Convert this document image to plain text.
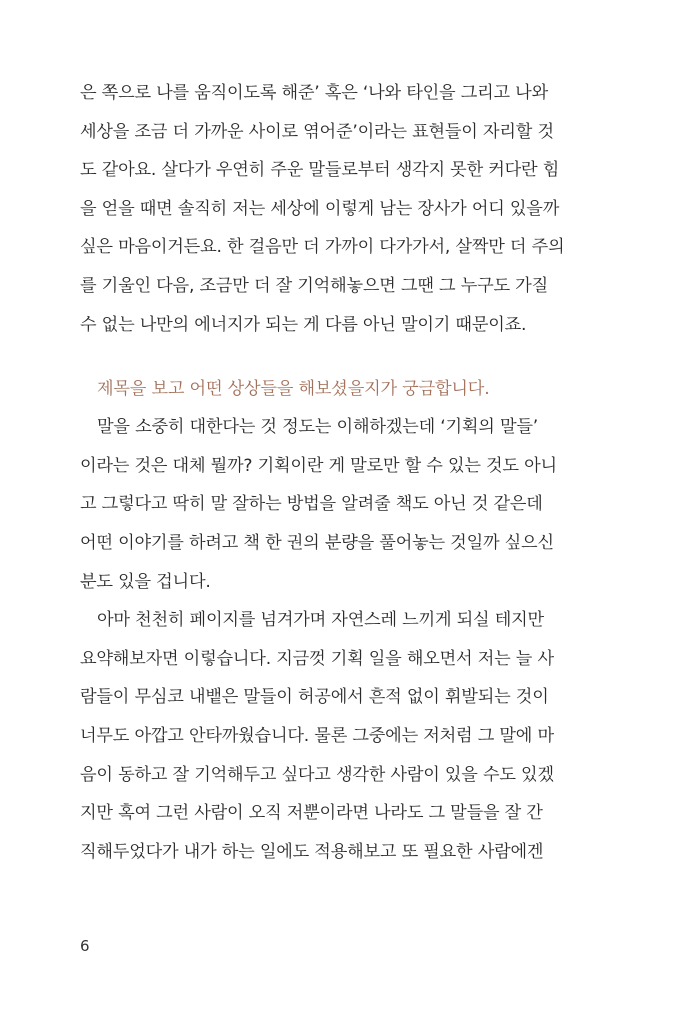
은 쪽으로 나를 움직이도록 해준’ 혹은 ‘나와 타인을 그리고 나와
세상을 조금 더 가까운 사이로 엮어준’이라는 표현들이 자리할 것
도 같아요. 살다가 우연히 주운 말들로부터 생각지 못한 커다란 힘
을 얻을 때면 솔직히 저는 세상에 이렇게 남는 장사가 어디 있을까
싶은 마음이거든요. 한 걸음만 더 가까이 다가가서, 살짝만 더 주의
를 기울인 다음, 조금만 더 잘 기억해놓으면 그땐 그 누구도 가질
수 없는 나만의 에너지가 되는 게 다름 아닌 말이기 때문이죠.
제목을 보고 어떤 상상들을 해보셨을지가 궁금합니다.
말을 소중히 대한다는 것 정도는 이해하겠는데 ‘기획의 말들’
이라는 것은 대체 뭘까? 기획이란 게 말로만 할 수 있는 것도 아니
고 그렇다고 딱히 말 잘하는 방법을 알려줄 책도 아닌 것 같은데
어떤 이야기를 하려고 책 한 권의 분량을 풀어놓는 것일까 싶으신
분도 있을 겁니다.
아마 천천히 페이지를 넘겨가며 자연스레 느끼게 되실 테지만
요약해보자면 이렇습니다. 지금껏 기획 일을 해오면서 저는 늘 사
람들이 무심코 내뱉은 말들이 허공에서 흔적 없이 휘발되는 것이
너무도 아깝고 안타까웠습니다. 물론 그중에는 저처럼 그 말에 마
음이 동하고 잘 기억해두고 싶다고 생각한 사람이 있을 수도 있겠
지만 혹여 그런 사람이 오직 저뿐이라면 나라도 그 말들을 잘 간
직해두었다가 내가 하는 일에도 적용해보고 또 필요한 사람에겐
6
